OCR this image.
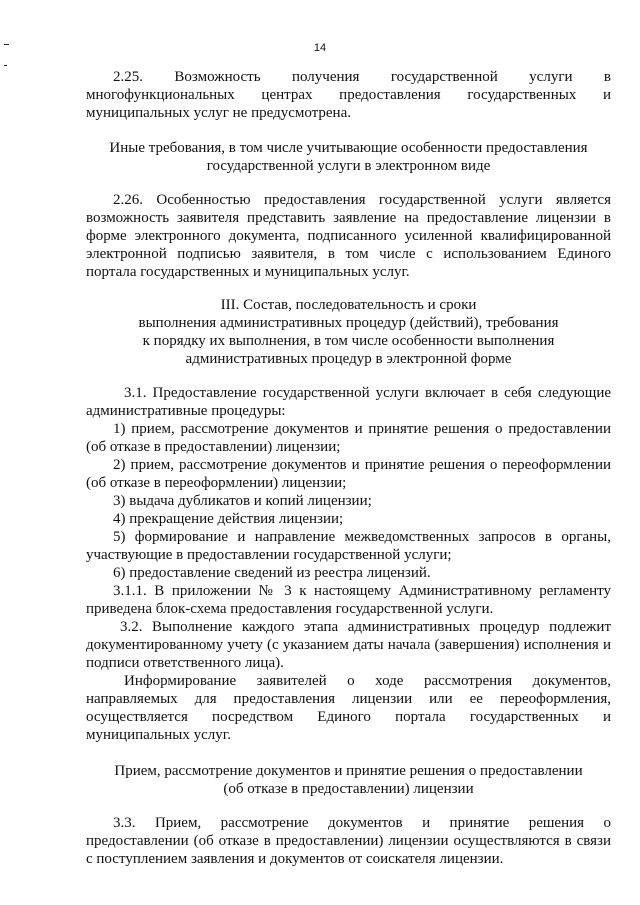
14
2.25. Возможность получения государственной услуги в
многофункциональных центрах предоставления государственных и
муниципальных услуг не предусмотрена.
Иные требования, в том числе учитывающие особенности предоставления
государственной услуги в электронном виде
2.26. Особенностью предоставления государственной услуги является
возможность заявителя представить заявление на предоставление лицензии в
форме электронного документа, подписанного усиленной квалифицированной
электронной подписью заявителя, в том числе с использованием Единого
портала государственных и муниципальных услуг.
III. Состав, последовательность и сроки
выполнения административных процедур (действий), требования
к порядку их выполнения, в том числе особенности выполнения
административных процедур в электронной форме
3.1. Предоставление государственной услуги включает в себя следующие
административные процедуры:
1) прием, рассмотрение документов и принятие решения о предоставлении
(об отказе в предоставлении) лицензии;
2) прием, рассмотрение документов и принятие решения о переоформлении
(об отказе в переоформлении) лицензии;
3) выдача дубликатов и копий лицензии;
4) прекращение действия лицензии;
5) формирование и направление межведомственных запросов в органы,
участвующие в предоставлении государственной услуги;
6) предоставление сведений из реестра лицензий.
3.1.1. В приложении № 3 к настоящему Административному регламенту
приведена блок-схема предоставления государственной услуги.
3.2. Выполнение каждого этапа административных процедур подлежит
документированному учету (с указанием даты начала (завершения) исполнения и
подписи ответственного лица).
Информирование заявителей о ходе рассмотрения документов,
направляемых для предоставления лицензии или ее переоформления,
осуществляется посредством Единого портала государственных и
муниципальных услуг.
Прием, рассмотрение документов и принятие решения о предоставлении
(об отказе в предоставлении) лицензии
3.3. Прием, рассмотрение документов и принятие решения о
предоставлении (об отказе в предоставлении) лицензии осуществляются в связи
с поступлением заявления и документов от соискателя лицензии.
